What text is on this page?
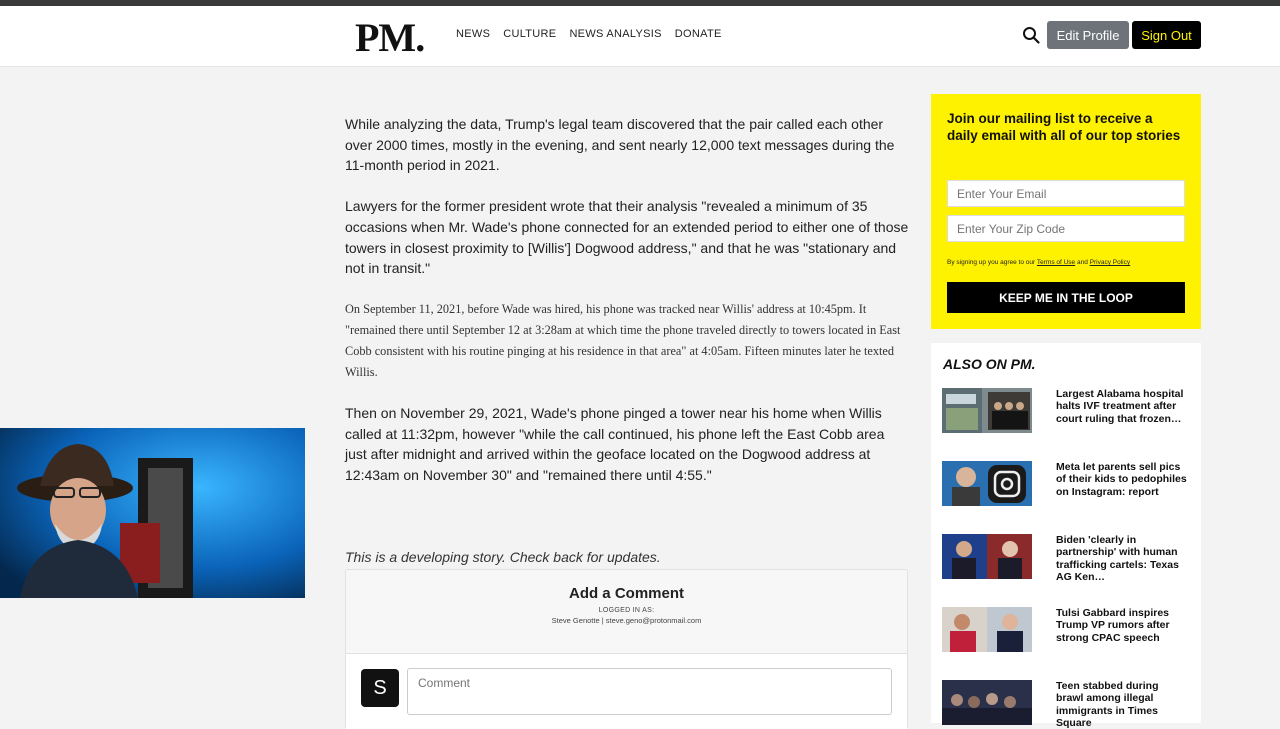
PM.	NEWS CULTURE NEWS ANALYSIS DONATE	Edit Profile	Sign Out

While analyzing the data, Trump's legal team discovered that the pair called each other over 2000 times, mostly in the evening, and sent nearly 12,000 text messages during the 11-month period in 2021.

Lawyers for the former president wrote that their analysis "revealed a minimum of 35 occasions when Mr. Wade's phone connected for an extended period to either one of those towers in closest proximity to [Willis'] Dogwood address," and that he was "stationary and not in transit."

On September 11, 2021, before Wade was hired, his phone was tracked near Willis' address at 10:45pm. It "remained there until September 12 at 3:28am at which time the phone traveled directly to towers located in East Cobb consistent with his routine pinging at his residence in that area" at 4:05am. Fifteen minutes later he texted Willis.

Then on November 29, 2021, Wade's phone pinged a tower near his home when Willis called at 11:32pm, however "while the call continued, his phone left the East Cobb area just after midnight and arrived within the geoface located on the Dogwood address at 12:43am on November 30" and "remained there until 4:55."

This is a developing story. Check back for updates.
Add a Comment
LOGGED IN AS:
Steve Genotte | steve.geno@protonmail.com
S
Comment
Join our mailing list to receive a daily email with all of our top stories
Enter Your Email
Enter Your Zip Code
By signing up you agree to our Terms of Use and Privacy Policy
KEEP ME IN THE LOOP
ALSO ON PM.
Largest Alabama hospital halts IVF treatment after court ruling that frozen…
Meta let parents sell pics of their kids to pedophiles on Instagram: report
Biden 'clearly in partnership' with human trafficking cartels: Texas AG Ken…
Tulsi Gabbard inspires Trump VP rumors after strong CPAC speech
Teen stabbed during brawl among illegal immigrants in Times Square
